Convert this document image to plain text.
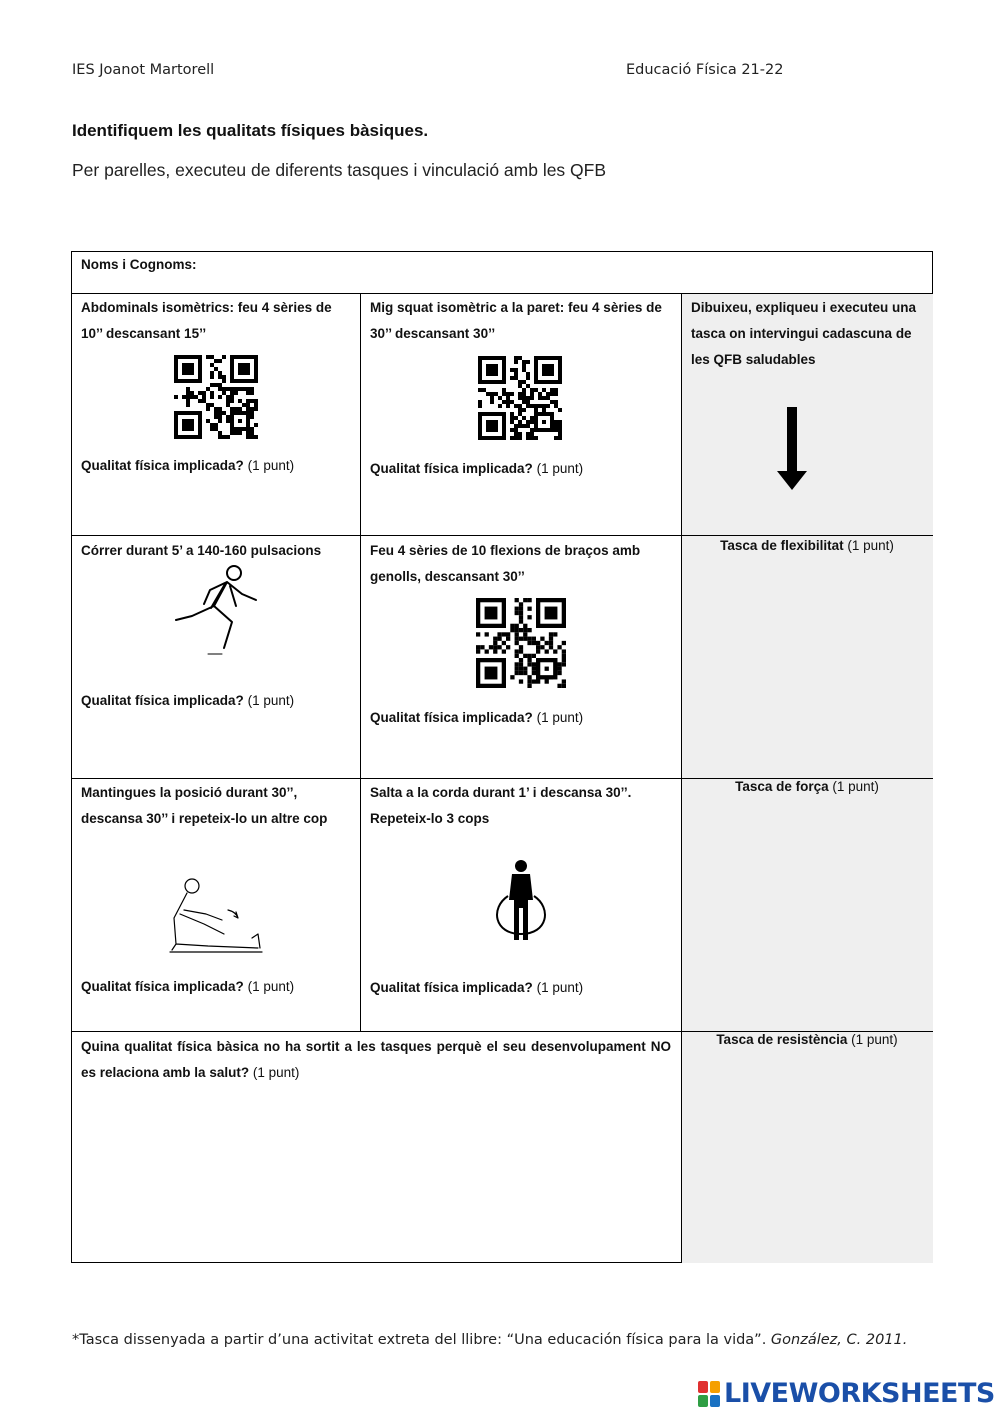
IES Joanot Martorell	Educació Física 21-22
Identifiquem les qualitats físiques bàsiques.
Per parelles, executeu de diferents tasques i vinculació amb les QFB
Noms i Cognoms:
Abdominals isomètrics: feu 4 sèries de 10’’ descansant 15’’
Qualitat física implicada? (1 punt)
Mig squat isomètric a la paret: feu 4 sèries de 30’’ descansant 30’’
Qualitat física implicada? (1 punt)
Dibuixeu, expliqueu i executeu una tasca on intervingui cadascuna de les QFB saludables
Córrer durant 5’ a 140-160 pulsacions
Qualitat física implicada? (1 punt)
Feu 4 sèries de 10 flexions de braços amb genolls, descansant 30’’
Qualitat física implicada? (1 punt)
Tasca de flexibilitat (1 punt)
Mantingues la posició durant 30’’, descansa 30’’ i repeteix-lo un altre cop
Qualitat física implicada? (1 punt)
Salta a la corda durant 1’ i descansa 30’’. Repeteix-lo 3 cops
Qualitat física implicada? (1 punt)
Tasca de força (1 punt)
Quina qualitat física bàsica no ha sortit a les tasques perquè el seu desenvolupament NO es relaciona amb la salut? (1 punt)
Tasca de resistència (1 punt)
*Tasca dissenyada a partir d’una activitat extreta del llibre: “Una educación física para la vida”. González, C. 2011.
LIVEWORKSHEETS
